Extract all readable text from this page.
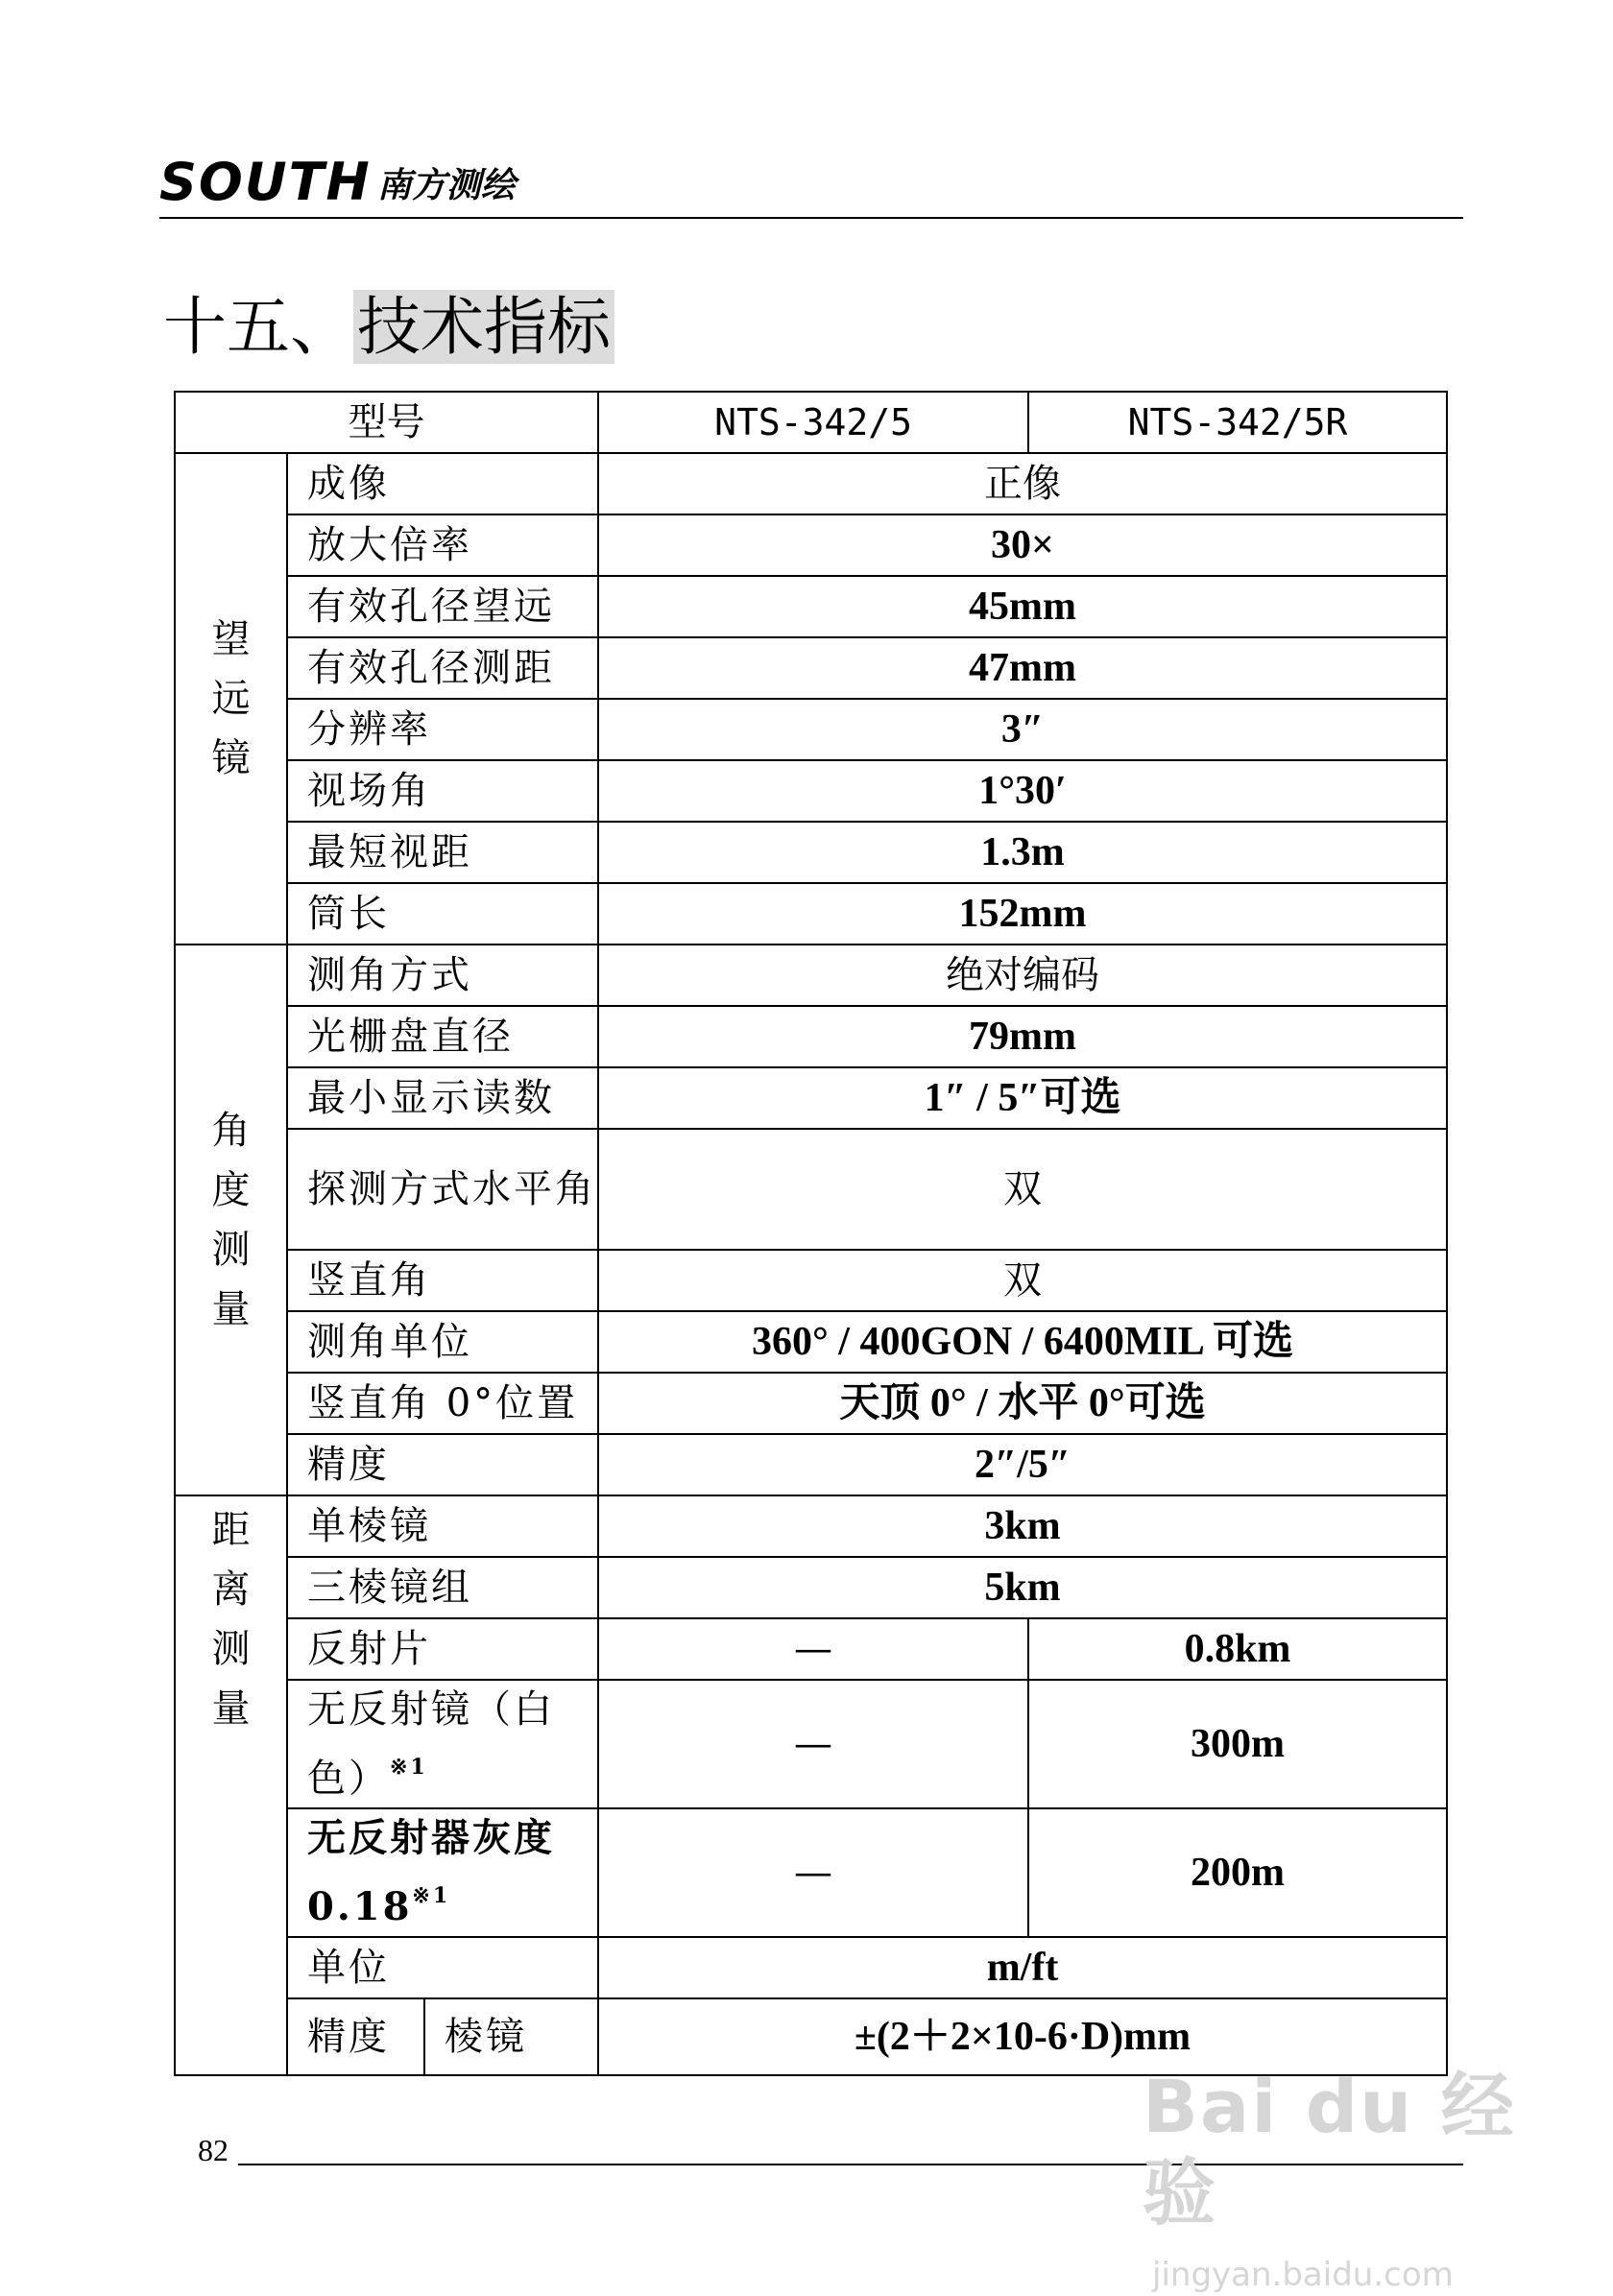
SOUTH 南方测绘
十五、技术指标
型号			NTS-342/5	NTS-342/5R
望远镜	成像		正像	
	放大倍率		30×	
	有效孔径望远		45mm	
	有效孔径测距		47mm	
	分辨率		3″	
	视场角		1°30′	
	最短视距		1.3m	
	筒长		152mm	
角度测量	测角方式		绝对编码	
	光栅盘直径		79mm	
	最小显示读数		1″ / 5″可选	
	探测方式水平角		双	
	竖直角		双	
	测角单位		360° / 400GON / 6400MIL 可选	
	竖直角 0°位置		天顶 0° / 水平 0°可选	
	精度		2″/5″	
距离测量	单棱镜		3km	
	三棱镜组		5km	
	反射片		—	0.8km
	无反射镜（白色）$^{※1}$		—	300m
	无反射器灰度 0.18$^{※1}$		—	200m
	单位		m/ft	
	精度	棱镜	±(2＋2×10-6·D)mm	
82
Bai du 经验
jingyan.baidu.com
